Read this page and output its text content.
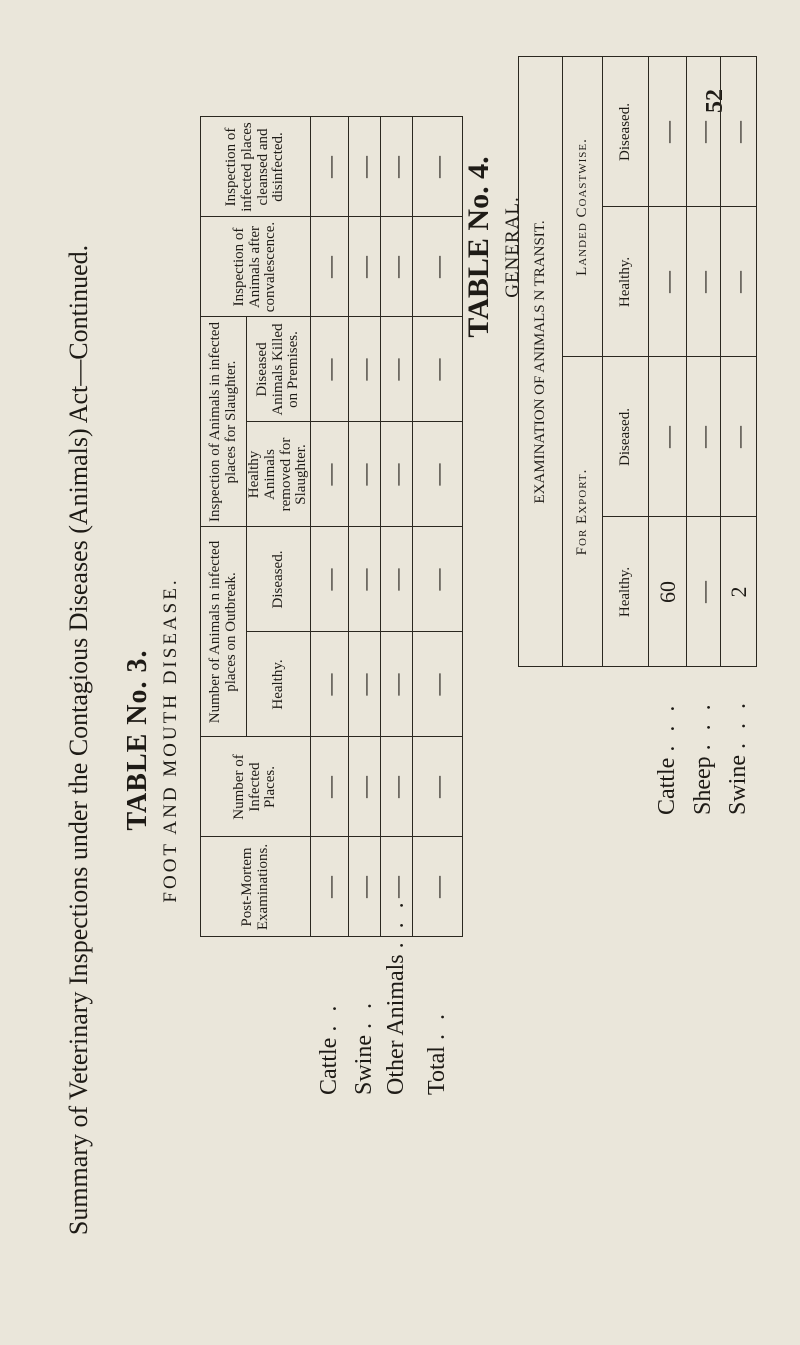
52
Summary of Veterinary Inspections under the Contagious Diseases (Animals) Act—Continued. TABLE No. 3. FOOT AND MOUTH DISEASE.
		Post-Mortem Examinations.	Number of Infected Places.	Number of Animals n infected places on Outbreak.		Inspection of Animals in infected places for Slaughter.		Inspection of Animals after convalescence.	Inspection of infected places cleansed and disinfected.
			Healthy.	Diseased.	Healthy Animals removed for Slaughter.	Diseased Animals Killed on Premises.		
Cattle . .	—	—	—	—	—	—	—	—
Swine . .	—	—	—	—	—	—	—	—
Other Animals . . .	—	—	—	—	—	—	—	—
Total . .	—	—	—	—	—	—	—	— TABLE No. 4. GENERAL.
	EXAMINATION OF ANIMALS N TRANSIT.			
	For Export.		Landed Coastwise.	
	Healthy.	Diseased.	Healthy.	Diseased.
Cattle . . .	60	—	—	—
Sheep . . .	—	—	—	—
Swine . . .	2	—	—	—
